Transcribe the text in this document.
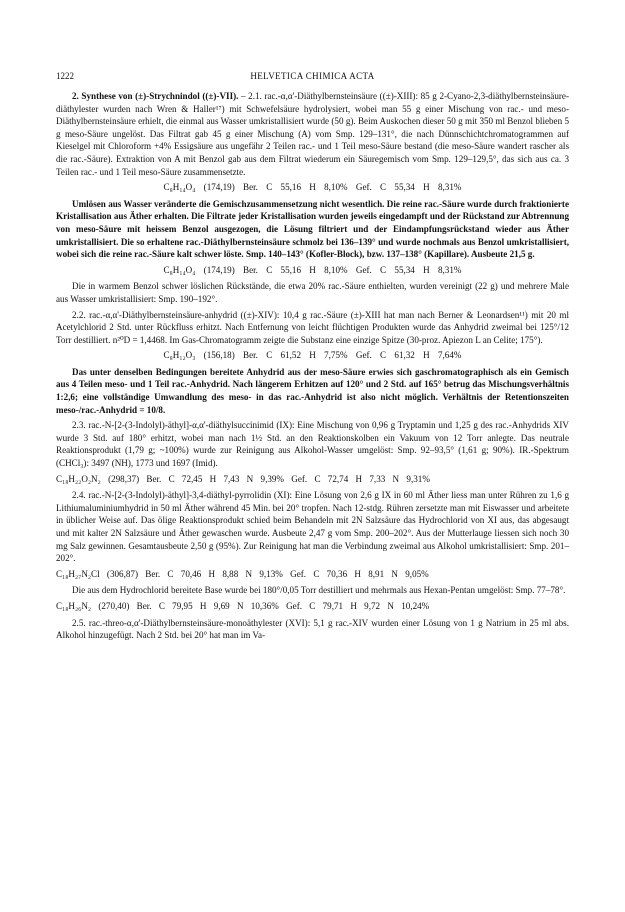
1222	HELVETICA CHIMICA ACTA

2. Synthese von (±)-Strychnindol ((±)-VII). – 2.1. rac.-α,α'-Diäthylbernsteinsäure ((±)-XIII): 85 g 2-Cyano-2,3-diäthylbernsteinsäure-diäthylester wurden nach Wren & Haller¹⁷) mit Schwefelsäure hydrolysiert, wobei man 55 g einer Mischung von rac.- und meso-Diäthylbernsteinsäure erhielt, die einmal aus Wasser umkristallisiert wurde (50 g). Beim Auskochen dieser 50 g mit 350 ml Benzol blieben 5 g meso-Säure ungelöst. Das Filtrat gab 45 g einer Mischung (A) vom Smp. 129–131°, die nach Dünnschichtchromatogrammen auf Kieselgel mit Chloroform +4% Essigsäure aus ungefähr 2 Teilen rac.- und 1 Teil meso-Säure bestand (die meso-Säure wandert rascher als die rac.-Säure). Extraktion von A mit Benzol gab aus dem Filtrat wiederum ein Säuregemisch vom Smp. 129–129,5°, das sich aus ca. 3 Teilen rac.- und 1 Teil meso-Säure zusammensetzte.

C₈H₁₄O₄ (174,19) Ber. C 55,16 H 8,10% Gef. C 55,34 H 8,31%

Umlösen aus Wasser veränderte die Gemischzusammensetzung nicht wesentlich. Die reine rac.-Säure wurde durch fraktionierte Kristallisation aus Äther erhalten. Die Filtrate jeder Kristallisation wurden jeweils eingedampft und der Rückstand zur Abtrennung von meso-Säure mit heissem Benzol ausgezogen, die Lösung filtriert und der Eindampfungsrückstand wieder aus Äther umkristallisiert. Die so erhaltene rac.-Diäthylbernsteinsäure schmolz bei 136–139° und wurde nochmals aus Benzol umkristallisiert, wobei sich die reine rac.-Säure kalt schwer löste. Smp. 140–143° (Kofler-Block), bzw. 137–138° (Kapillare). Ausbeute 21,5 g.

C₈H₁₄O₄ (174,19) Ber. C 55,16 H 8,10% Gef. C 55,34 H 8,31%

Die in warmem Benzol schwer löslichen Rückstände, die etwa 20% rac.-Säure enthielten, wurden vereinigt (22 g) und mehrere Male aus Wasser umkristallisiert: Smp. 190–192°.

2.2. rac.-α,α'-Diäthylbernsteinsäure-anhydrid ((±)-XIV): 10,4 g rac.-Säure (±)-XIII hat man nach Berner & Leonardsen¹¹) mit 20 ml Acetylchlorid 2 Std. unter Rückfluss erhitzt. Nach Entfernung von leicht flüchtigen Produkten wurde das Anhydrid zweimal bei 125°/12 Torr destilliert. n²⁰D = 1,4468. Im Gas-Chromatogramm zeigte die Substanz eine einzige Spitze (30-proz. Apiezon L an Celite; 175°).

C₈H₁₂O₃ (156,18) Ber. C 61,52 H 7,75% Gef. C 61,32 H 7,64%

Das unter denselben Bedingungen bereitete Anhydrid aus der meso-Säure erwies sich gaschromatographisch als ein Gemisch aus 4 Teilen meso- und 1 Teil rac.-Anhydrid. Nach längerem Erhitzen auf 120° und 2 Std. auf 165° betrug das Mischungsverhältnis 1:2,6; eine vollständige Umwandlung des meso- in das rac.-Anhydrid ist also nicht möglich. Verhältnis der Retentionszeiten meso-/rac.-Anhydrid = 10/8.

2.3. rac.-N-[2-(3-Indolyl)-äthyl]-α,α'-diäthylsuccinimid (IX): Eine Mischung von 0,96 g Tryptamin und 1,25 g des rac.-Anhydrids XIV wurde 3 Std. auf 180° erhitzt, wobei man nach 1½ Std. an den Reaktionskolben ein Vakuum von 12 Torr anlegte. Das neutrale Reaktionsprodukt (1,79 g; ~100%) wurde zur Reinigung aus Alkohol-Wasser umgelöst: Smp. 92–93,5° (1,61 g; 90%). IR.-Spektrum (CHCl₃): 3497 (NH), 1773 und 1697 (Imid).

C₁₈H₂₂O₂N₂ (298,37) Ber. C 72,45 H 7,43 N 9,39% Gef. C 72,74 H 7,33 N 9,31%

2.4. rac.-N-[2-(3-Indolyl)-äthyl]-3,4-diäthyl-pyrrolidin (XI): Eine Lösung von 2,6 g IX in 60 ml Äther liess man unter Rühren zu 1,6 g Lithiumaluminiumhydrid in 50 ml Äther während 45 Min. bei 20° tropfen. Nach 12-stdg. Rühren zersetzte man mit Eiswasser und arbeitete in üblicher Weise auf. Das ölige Reaktionsprodukt schied beim Behandeln mit 2N Salzsäure das Hydrochlorid von XI aus, das abgesaugt und mit kalter 2N Salzsäure und Äther gewaschen wurde. Ausbeute 2,47 g vom Smp. 200–202°. Aus der Mutterlauge liessen sich noch 30 mg Salz gewinnen. Gesamtausbeute 2,50 g (95%). Zur Reinigung hat man die Verbindung zweimal aus Alkohol umkristallisiert: Smp. 201–202°.

C₁₈H₂₇N₂Cl (306,87) Ber. C 70,46 H 8,88 N 9,13% Gef. C 70,36 H 8,91 N 9,05%

Die aus dem Hydrochlorid bereitete Base wurde bei 180°/0,05 Torr destilliert und mehrmals aus Hexan-Pentan umgelöst: Smp. 77–78°.

C₁₈H₂₆N₂ (270,40) Ber. C 79,95 H 9,69 N 10,36% Gef. C 79,71 H 9,72 N 10,24%

2.5. rac.-threo-α,α'-Diäthylbernsteinsäure-monoäthylester (XVI): 5,1 g rac.-XIV wurden einer Lösung von 1 g Natrium in 25 ml abs. Alkohol hinzugefügt. Nach 2 Std. bei 20° hat man im Va-
